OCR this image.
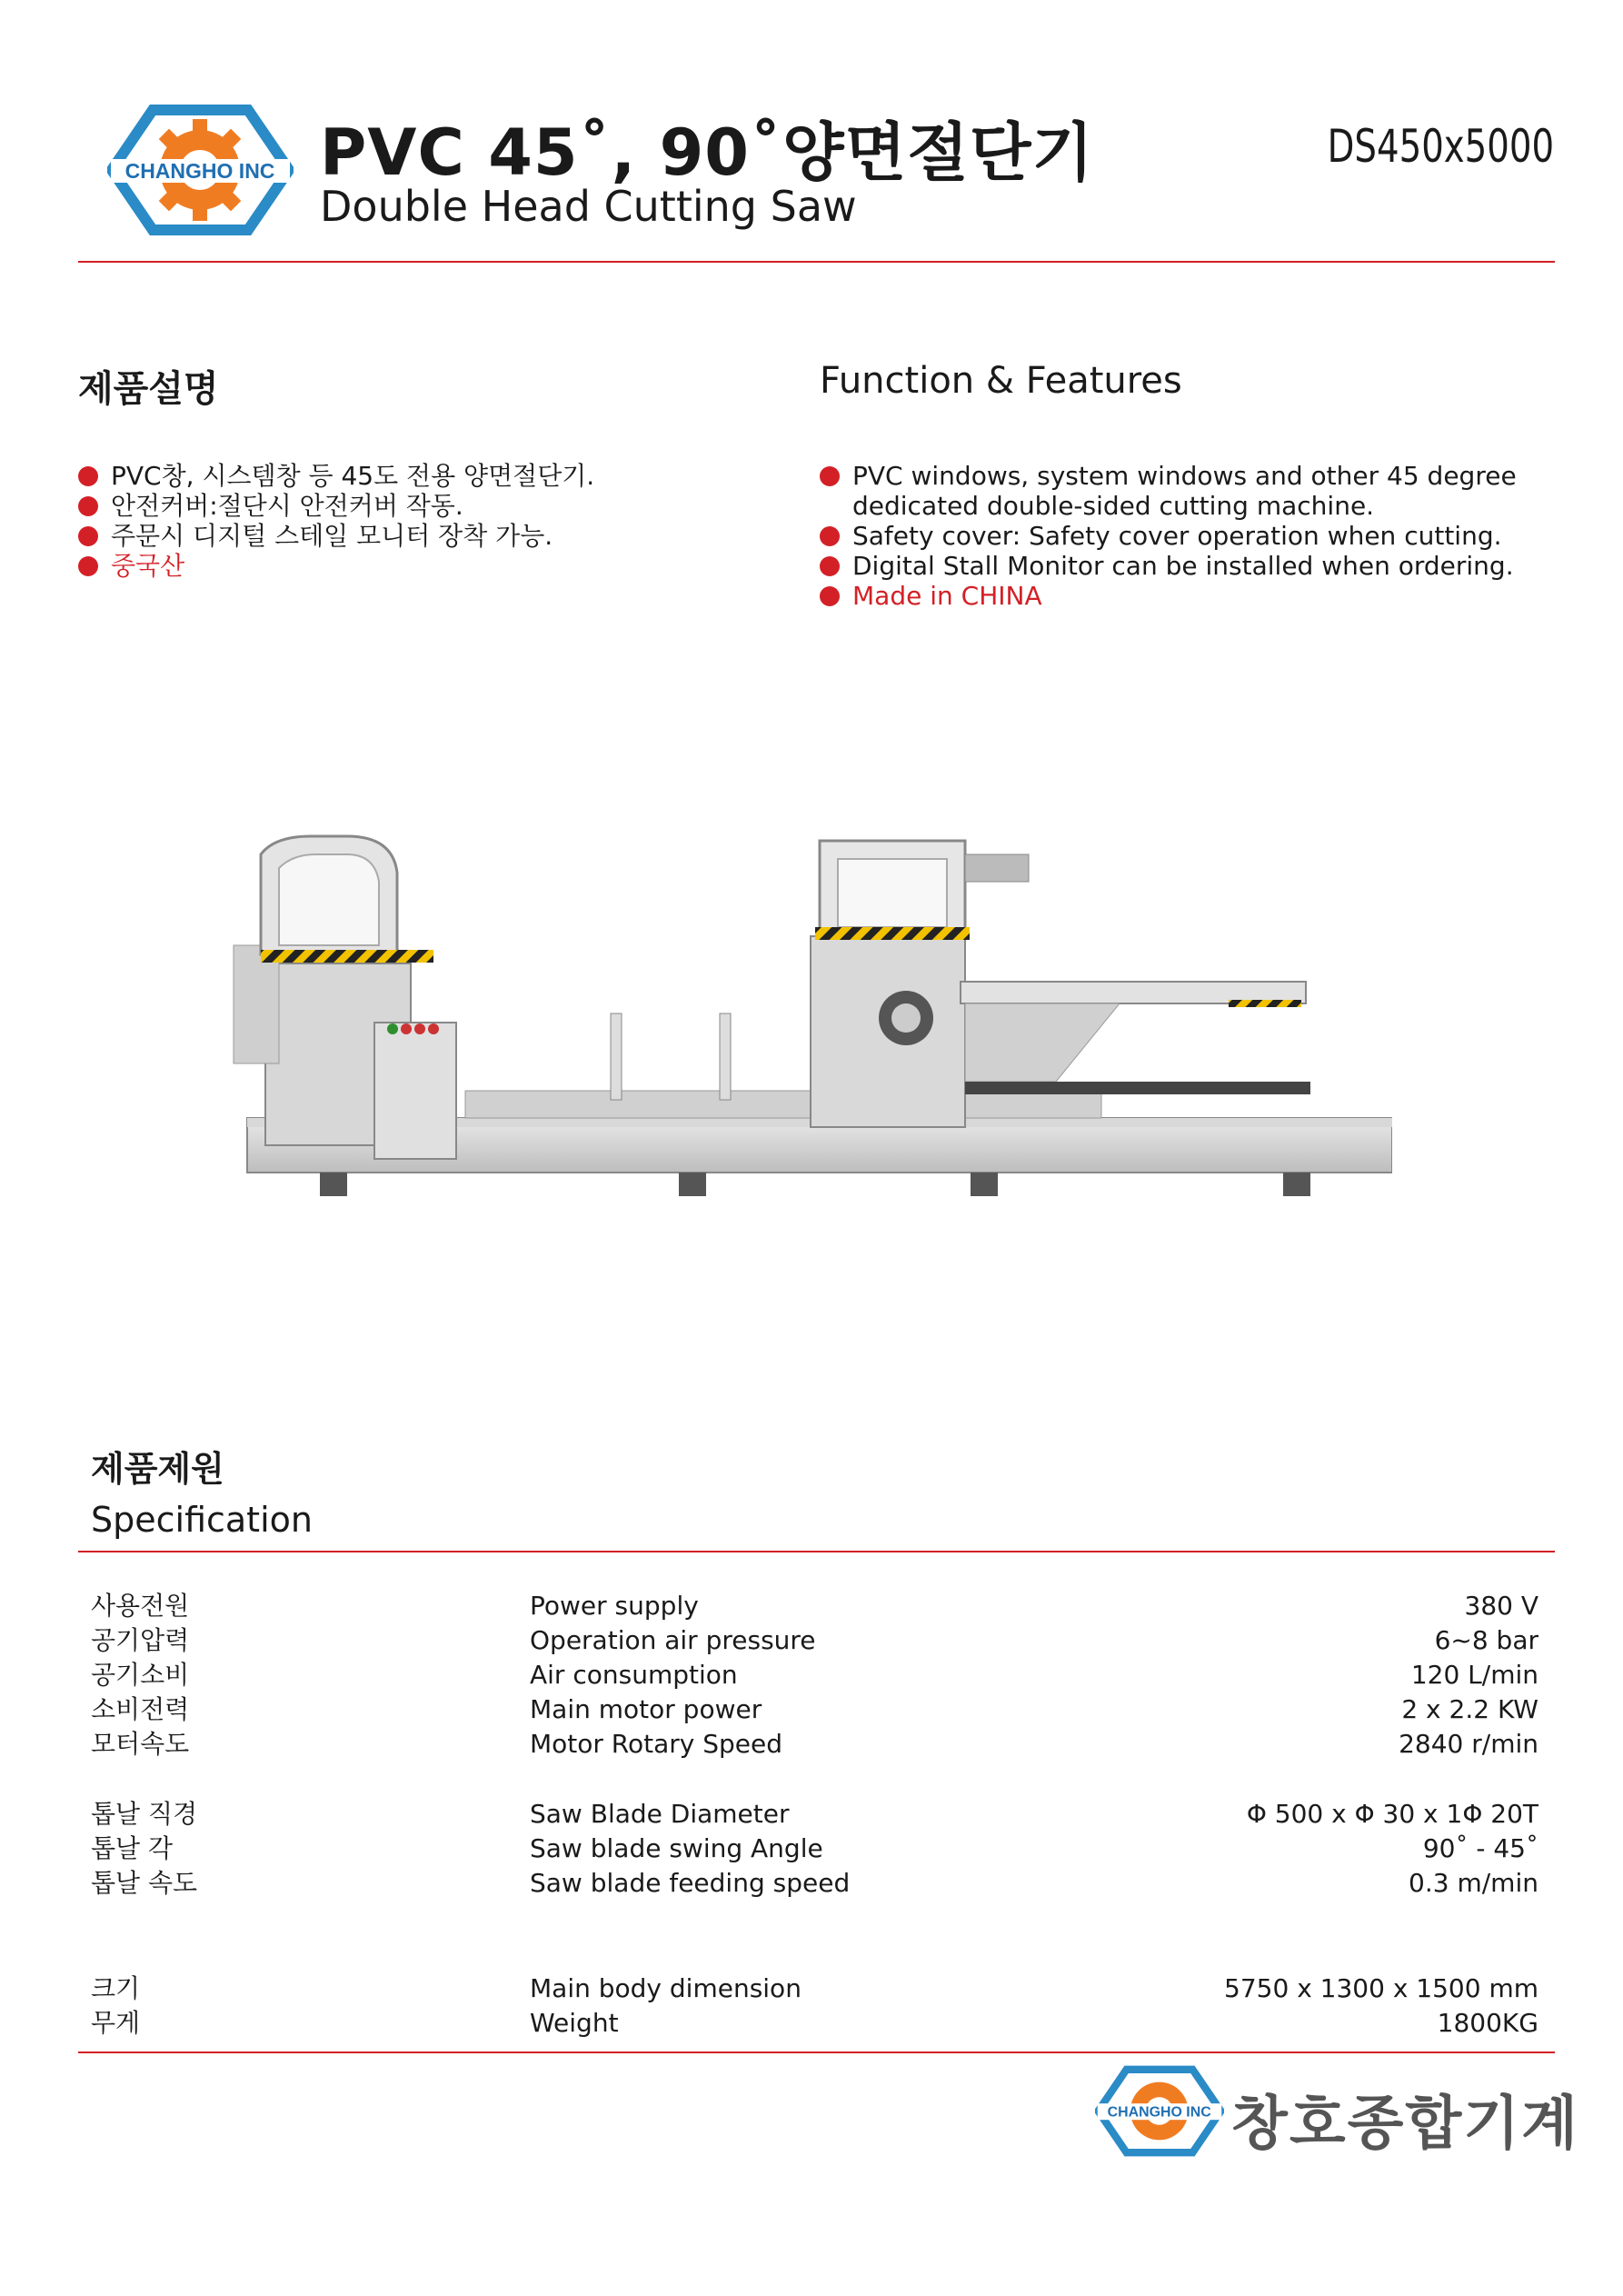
CHANGHO INC PVC 45˚, 90˚양면절단기
Double Head Cutting Saw
DS450x5000
제품설명	Function & Features
PVC창, 시스템창 등 45도 전용 양면절단기.
안전커버:절단시 안전커버 작동.
주문시 디지털 스테일 모니터 장착 가능.
중국산
PVC windows, system windows and other 45 degree
dedicated double-sided cutting machine.
Safety cover: Safety cover operation when cutting.
Digital Stall Monitor can be installed when ordering.
Made in CHINA
제품제원
Specification
사용전원	Power supply	380 V
공기압력	Operation air pressure	6~8 bar
공기소비	Air consumption	120 L/min
소비전력	Main motor power	2 x 2.2 KW
모터속도	Motor Rotary Speed	2840 r/min
톱날 직경	Saw Blade Diameter	Φ 500 x Φ 30 x 1Φ 20T
톱날 각	Saw blade swing Angle	90˚ - 45˚
톱날 속도	Saw blade feeding speed	0.3 m/min
크기	Main body dimension	5750 x 1300 x 1500 mm
무게	Weight	1800KG
CHANGHO INC 창호종합기계
